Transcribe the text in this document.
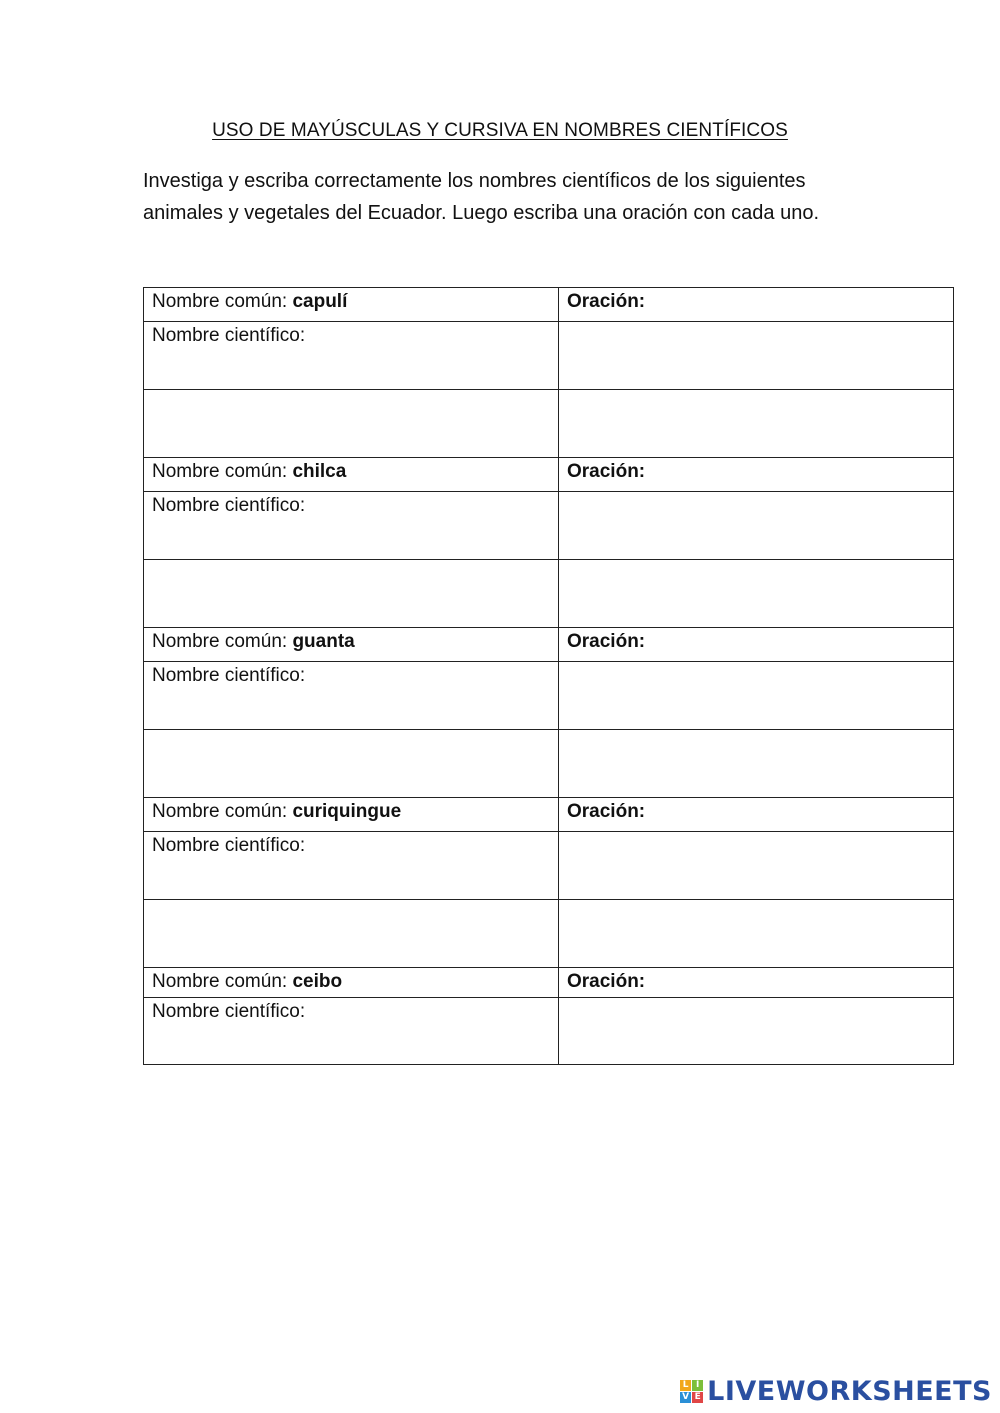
USO DE MAYÚSCULAS Y CURSIVA EN NOMBRES CIENTÍFICOS
Investiga y escriba correctamente los nombres científicos de los siguientes
animales y vegetales del Ecuador. Luego escriba una oración con cada uno.
Nombre común: capulí	Oración:
Nombre científico:	

Nombre común: chilca	Oración:
Nombre científico:	

Nombre común: guanta	Oración:
Nombre científico:	

Nombre común: curiquingue	Oración:
Nombre científico:	

Nombre común: ceibo	Oración:
Nombre científico:	
L I
V E LIVEWORKSHEETS
